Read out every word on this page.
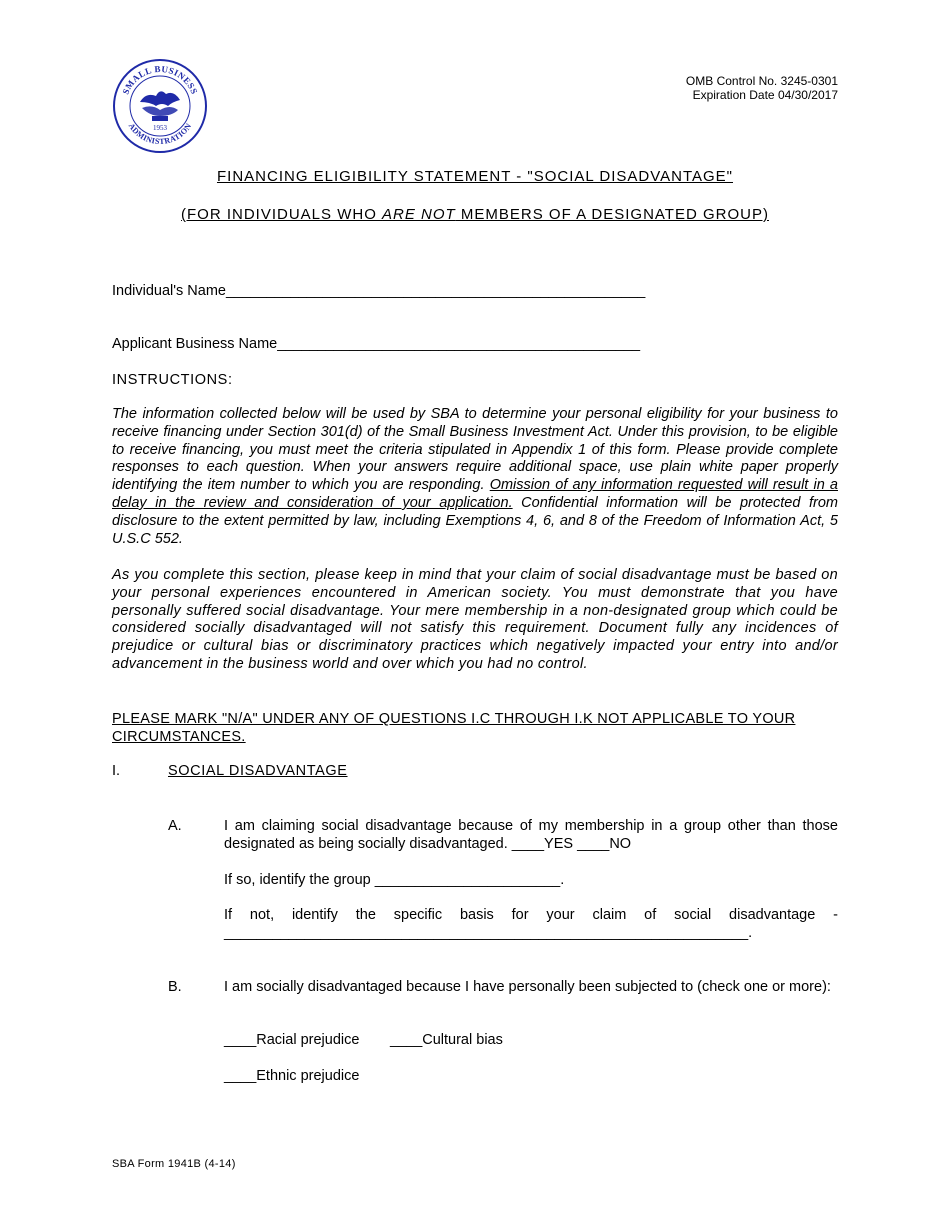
SMALL BUSINESS
ADMINISTRATION
1953
OMB Control No. 3245-0301
Expiration Date 04/30/2017
FINANCING ELIGIBILITY STATEMENT - "SOCIAL DISADVANTAGE"
(FOR INDIVIDUALS WHO ARE NOT MEMBERS OF A DESIGNATED GROUP)
Individual's Name____________________________________________________
Applicant Business Name_____________________________________________
INSTRUCTIONS:
The information collected below will be used by SBA to determine your personal eligibility for your business to receive financing under Section 301(d) of the Small Business Investment Act. Under this provision, to be eligible to receive financing, you must meet the criteria stipulated in Appendix 1 of this form. Please provide complete responses to each question. When your answers require additional space, use plain white paper properly identifying the item number to which you are responding. Omission of any information requested will result in a delay in the review and consideration of your application. Confidential information will be protected from disclosure to the extent permitted by law, including Exemptions 4, 6, and 8 of the Freedom of Information Act, 5 U.S.C 552.
As you complete this section, please keep in mind that your claim of social disadvantage must be based on your personal experiences encountered in American society. You must demonstrate that you have personally suffered social disadvantage. Your mere membership in a non-designated group which could be considered socially disadvantaged will not satisfy this requirement. Document fully any incidences of prejudice or cultural bias or discriminatory practices which negatively impacted your entry into and/or advancement in the business world and over which you had no control.
PLEASE MARK "N/A" UNDER ANY OF QUESTIONS I.C THROUGH I.K NOT APPLICABLE TO YOUR CIRCUMSTANCES.
I.	SOCIAL DISADVANTAGE
A.	I am claiming social disadvantage because of my membership in a group other than those designated as being socially disadvantaged. ____YES ____NO
If so, identify the group _______________________.
If not, identify the specific basis for your claim of social disadvantage - _________________________________________________________________.
B.	I am socially disadvantaged because I have personally been subjected to (check one or more):
____Racial prejudice ____Cultural bias
____Ethnic prejudice
SBA Form 1941B (4-14)
